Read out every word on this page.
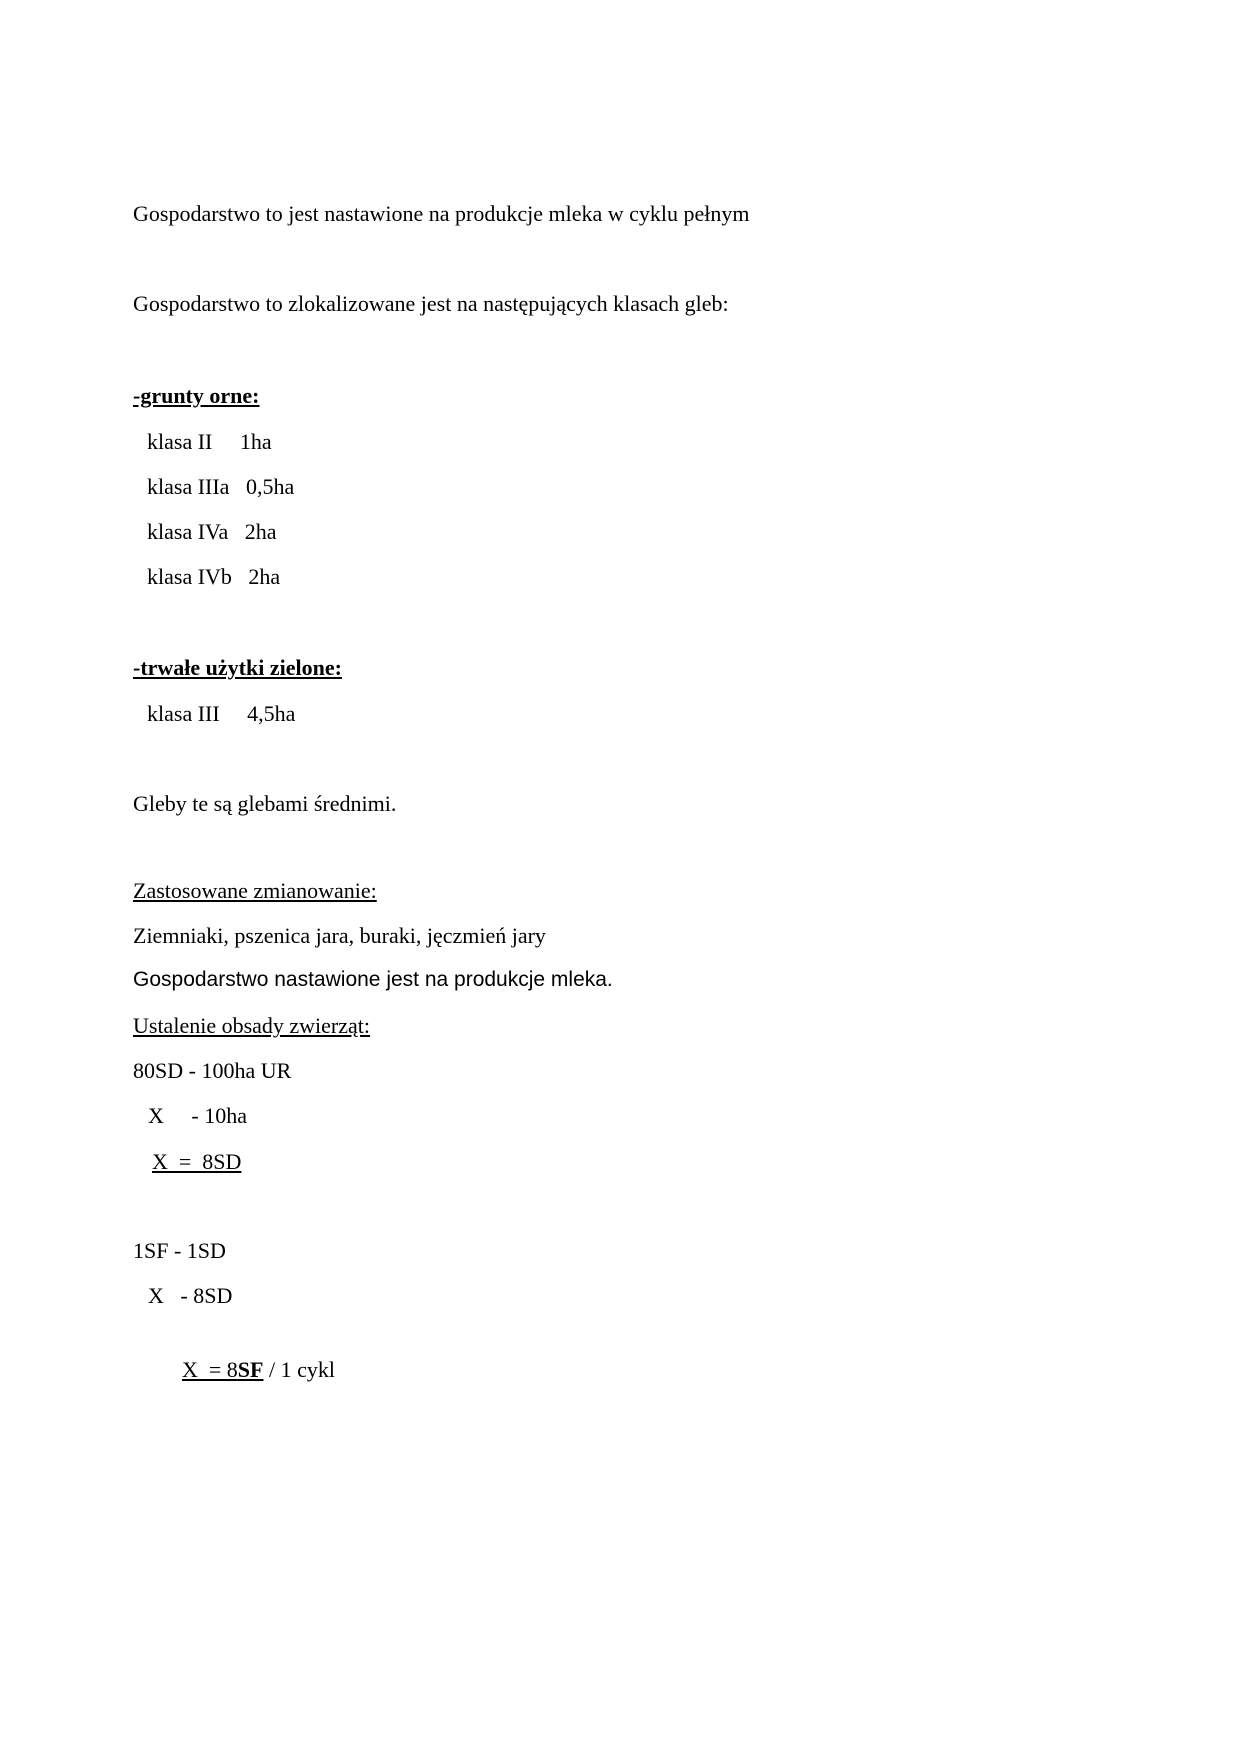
Gospodarstwo to jest nastawione na produkcje mleka w cyklu pełnym
Gospodarstwo to zlokalizowane jest na następujących klasach gleb:
-grunty orne:
klasa II     1ha
klasa IIIa   0,5ha
klasa IVa   2ha
klasa IVb   2ha
-trwałe użytki zielone:
klasa III     4,5ha
Gleby te są glebami średnimi.
Zastosowane zmianowanie:
Ziemniaki, pszenica jara, buraki, jęczmień jary
Gospodarstwo nastawione jest na produkcje mleka.
Ustalenie obsady zwierząt:
80SD - 100ha UR
X     - 10ha
X  =  8SD
1SF - 1SD
X   - 8SD

X  = 8SF / 1 cykl
